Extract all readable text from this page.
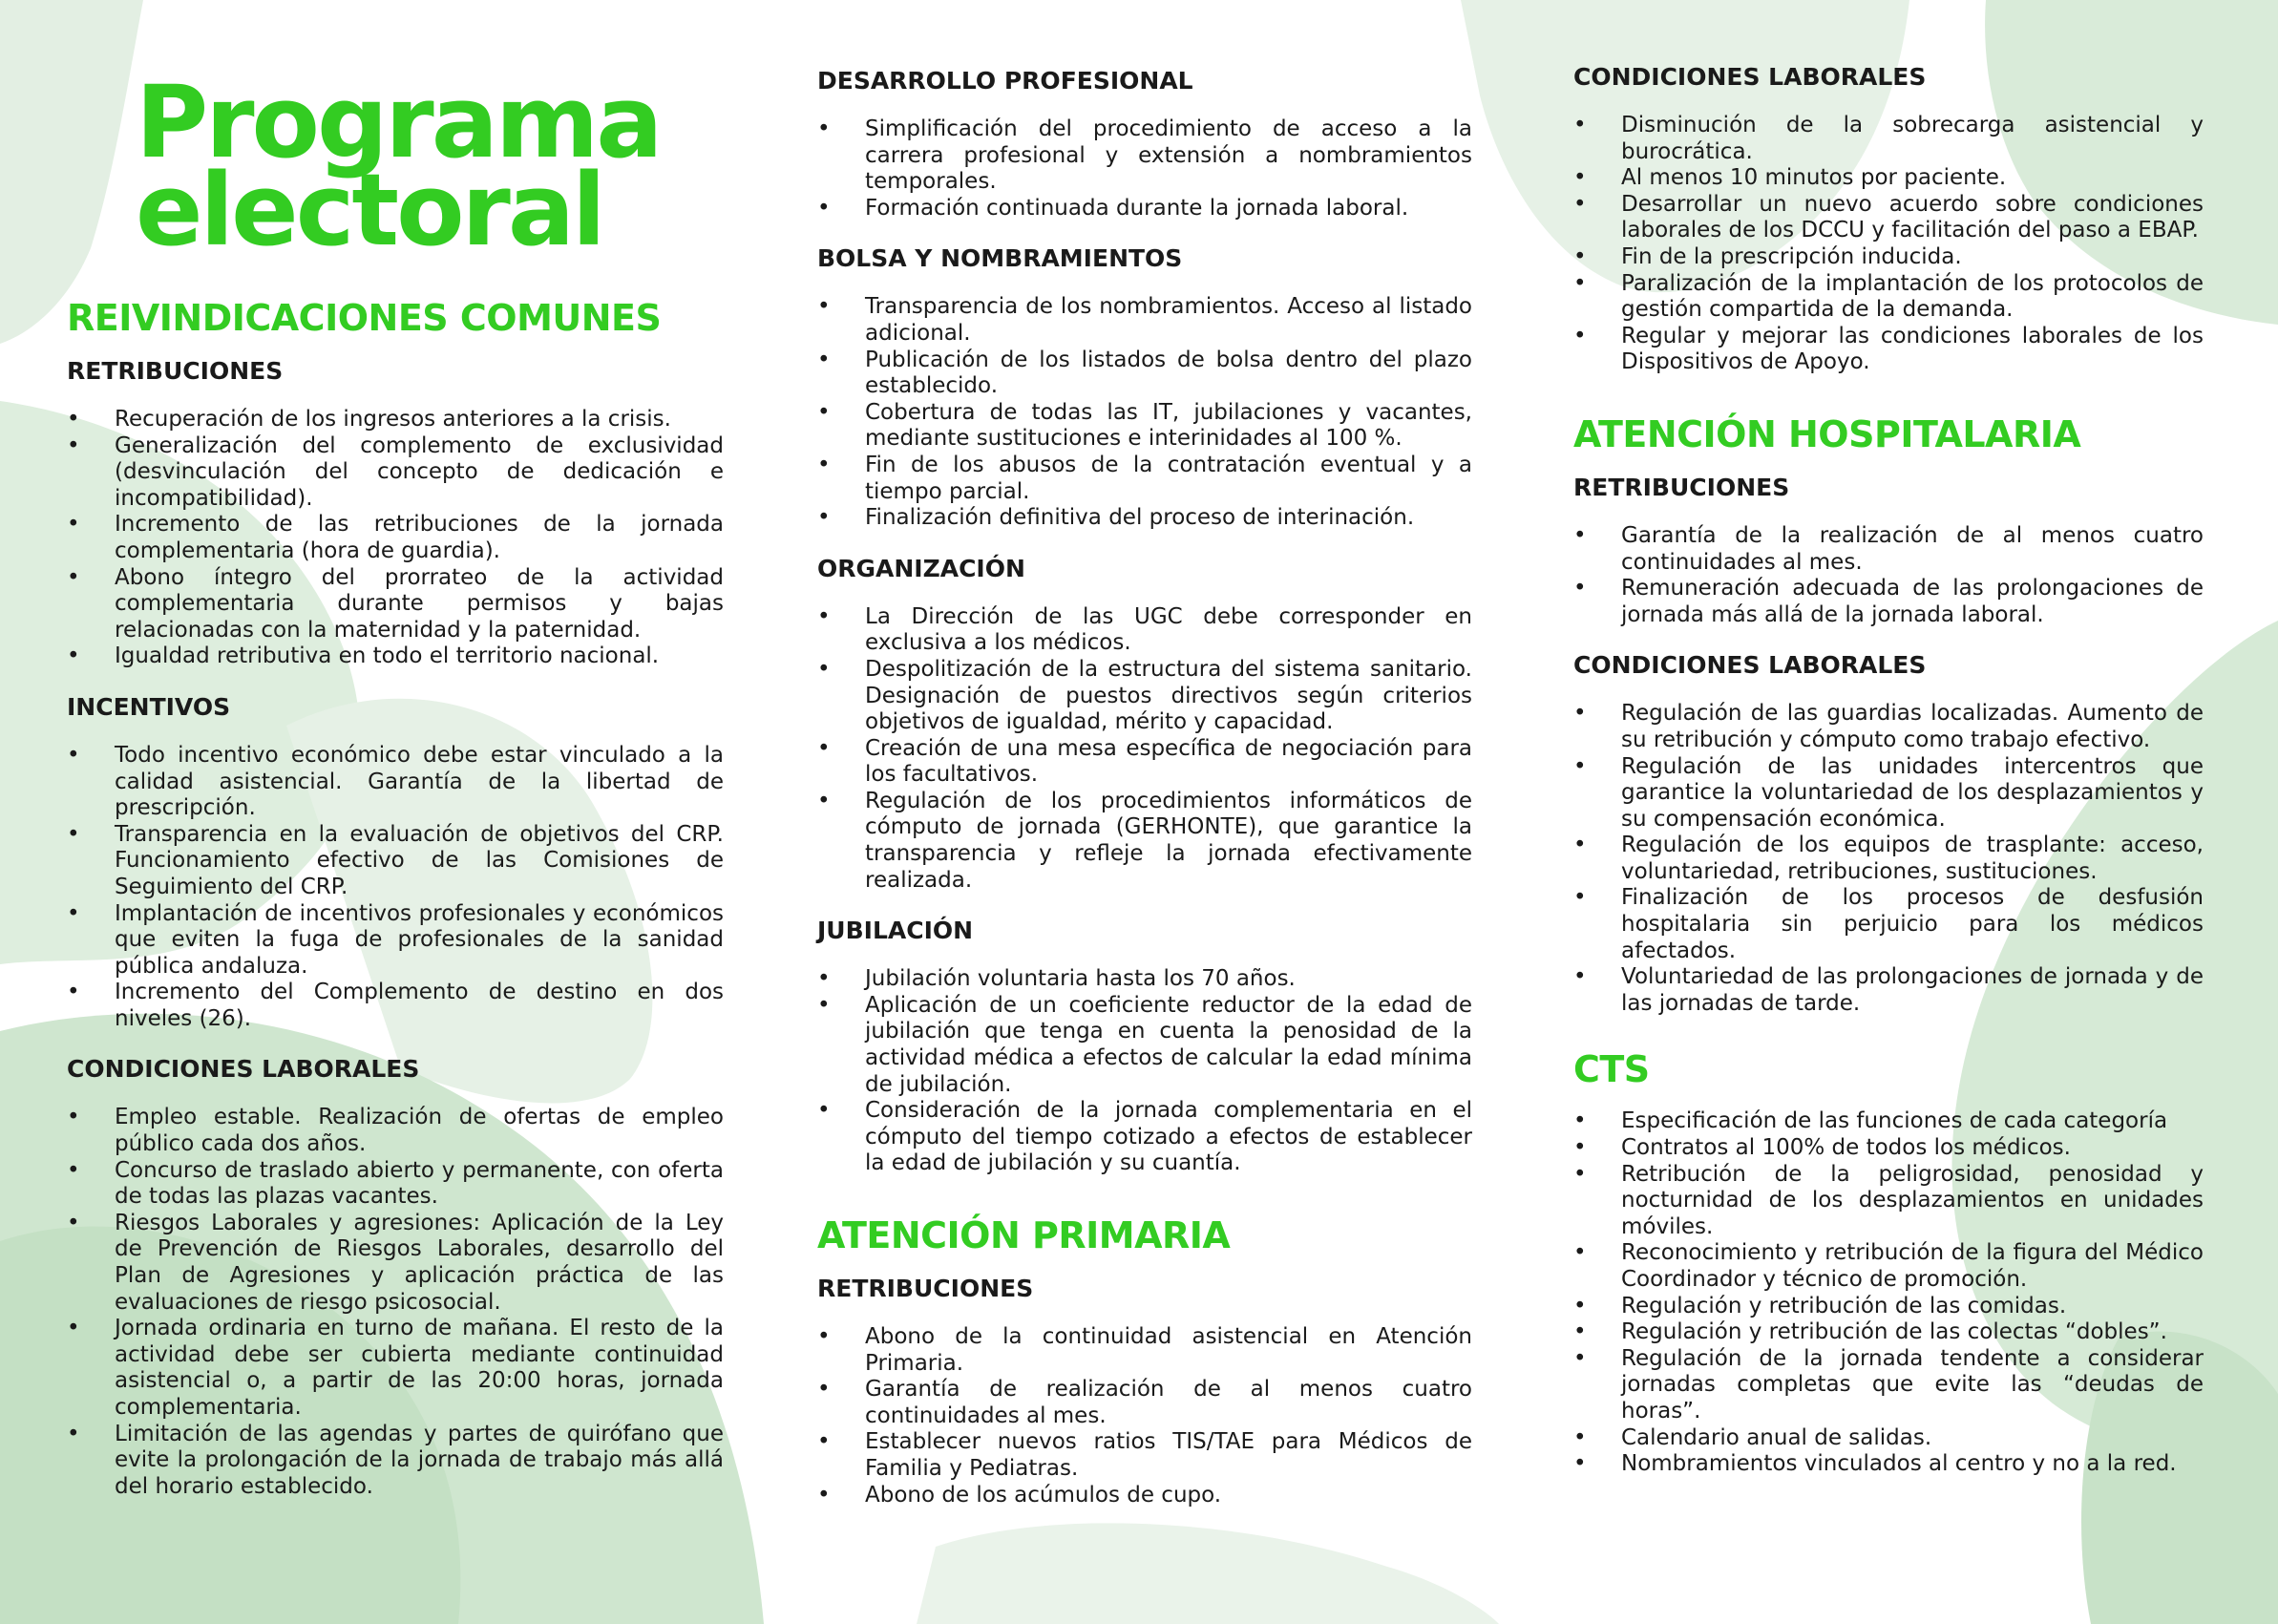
Programa
electoral
REIVINDICACIONES COMUNES
RETRIBUCIONES
• Recuperación de los ingresos anteriores a la crisis.
• Generalización del complemento de exclusividad (desvinculación del concepto de dedicación e incompatibilidad).
• Incremento de las retribuciones de la jornada complementaria (hora de guardia).
• Abono íntegro del prorrateo de la actividad complementaria durante permisos y bajas relacionadas con la maternidad y la paternidad.
• Igualdad retributiva en todo el territorio nacional.
INCENTIVOS
• Todo incentivo económico debe estar vinculado a la calidad asistencial. Garantía de la libertad de prescripción.
• Transparencia en la evaluación de objetivos del CRP. Funcionamiento efectivo de las Comisiones de Seguimiento del CRP.
• Implantación de incentivos profesionales y económicos que eviten la fuga de profesionales de la sanidad pública andaluza.
• Incremento del Complemento de destino en dos niveles (26).
CONDICIONES LABORALES
• Empleo estable. Realización de ofertas de empleo público cada dos años.
• Concurso de traslado abierto y permanente, con oferta de todas las plazas vacantes.
• Riesgos Laborales y agresiones: Aplicación de la Ley de Prevención de Riesgos Laborales, desarrollo del Plan de Agresiones y aplicación práctica de las evaluaciones de riesgo psicosocial.
• Jornada ordinaria en turno de mañana. El resto de la actividad debe ser cubierta mediante continuidad asistencial o, a partir de las 20:00 horas, jornada complementaria.
• Limitación de las agendas y partes de quirófano que evite la prolongación de la jornada de trabajo más allá del horario establecido.
DESARROLLO PROFESIONAL
• Simplificación del procedimiento de acceso a la carrera profesional y extensión a nombramientos temporales.
• Formación continuada durante la jornada laboral.
BOLSA Y NOMBRAMIENTOS
• Transparencia de los nombramientos. Acceso al listado adicional.
• Publicación de los listados de bolsa dentro del plazo establecido.
• Cobertura de todas las IT, jubilaciones y vacantes, mediante sustituciones e interinidades al 100 %.
• Fin de los abusos de la contratación eventual y a tiempo parcial.
• Finalización definitiva del proceso de interinación.
ORGANIZACIÓN
• La Dirección de las UGC debe corresponder en exclusiva a los médicos.
• Despolitización de la estructura del sistema sanitario. Designación de puestos directivos según criterios objetivos de igualdad, mérito y capacidad.
• Creación de una mesa específica de negociación para los facultativos.
• Regulación de los procedimientos informáticos de cómputo de jornada (GERHONTE), que garantice la transparencia y refleje la jornada efectivamente realizada.
JUBILACIÓN
• Jubilación voluntaria hasta los 70 años.
• Aplicación de un coeficiente reductor de la edad de jubilación que tenga en cuenta la penosidad de la actividad médica a efectos de calcular la edad mínima de jubilación.
• Consideración de la jornada complementaria en el cómputo del tiempo cotizado a efectos de establecer la edad de jubilación y su cuantía.
ATENCIÓN PRIMARIA
RETRIBUCIONES
• Abono de la continuidad asistencial en Atención Primaria.
• Garantía de realización de al menos cuatro continuidades al mes.
• Establecer nuevos ratios TIS/TAE para Médicos de Familia y Pediatras.
• Abono de los acúmulos de cupo.
CONDICIONES LABORALES
• Disminución de la sobrecarga asistencial y burocrática.
• Al menos 10 minutos por paciente.
• Desarrollar un nuevo acuerdo sobre condiciones laborales de los DCCU y facilitación del paso a EBAP.
• Fin de la prescripción inducida.
• Paralización de la implantación de los protocolos de gestión compartida de la demanda.
• Regular y mejorar las condiciones laborales de los Dispositivos de Apoyo.
ATENCIÓN HOSPITALARIA
RETRIBUCIONES
• Garantía de la realización de al menos cuatro continuidades al mes.
• Remuneración adecuada de las prolongaciones de jornada más allá de la jornada laboral.
CONDICIONES LABORALES
• Regulación de las guardias localizadas. Aumento de su retribución y cómputo como trabajo efectivo.
• Regulación de las unidades intercentros que garantice la voluntariedad de los desplazamientos y su compensación económica.
• Regulación de los equipos de trasplante: acceso, voluntariedad, retribuciones, sustituciones.
• Finalización de los procesos de desfusión hospitalaria sin perjuicio para los médicos afectados.
• Voluntariedad de las prolongaciones de jornada y de las jornadas de tarde.
CTS
• Especificación de las funciones de cada categoría
• Contratos al 100% de todos los médicos.
• Retribución de la peligrosidad, penosidad y nocturnidad de los desplazamientos en unidades móviles.
• Reconocimiento y retribución de la figura del Médico Coordinador y técnico de promoción.
• Regulación y retribución de las comidas.
• Regulación y retribución de las colectas “dobles”.
• Regulación de la jornada tendente a considerar jornadas completas que evite las “deudas de horas”.
• Calendario anual de salidas.
• Nombramientos vinculados al centro y no a la red.
